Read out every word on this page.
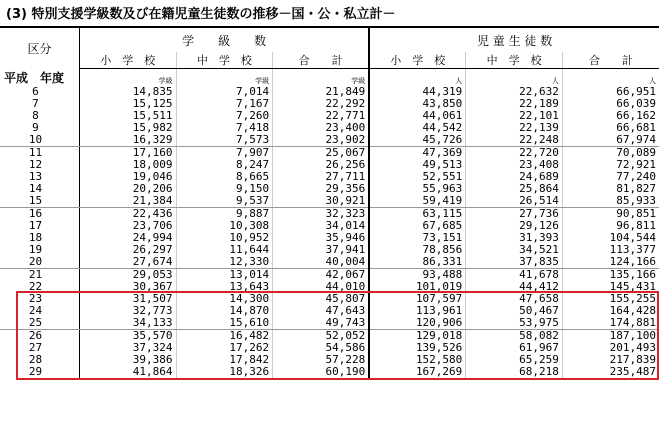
(3) 特別支援学級数及び在籍児童生徒数の推移－国・公・私立計－
区分	学　　級　　数			児 童 生 徒 数		
	小　学　校	中　学　校	合　　計	小　学　校	中　学　校	合　　計
平成　年度	学級	学級	学級	人	人	人
6	14,835	7,014	21,849	44,319	22,632	66,951
7	15,125	7,167	22,292	43,850	22,189	66,039
8	15,511	7,260	22,771	44,061	22,101	66,162
9	15,982	7,418	23,400	44,542	22,139	66,681
10	16,329	7,573	23,902	45,726	22,248	67,974
11	17,160	7,907	25,067	47,369	22,720	70,089
12	18,009	8,247	26,256	49,513	23,408	72,921
13	19,046	8,665	27,711	52,551	24,689	77,240
14	20,206	9,150	29,356	55,963	25,864	81,827
15	21,384	9,537	30,921	59,419	26,514	85,933
16	22,436	9,887	32,323	63,115	27,736	90,851
17	23,706	10,308	34,014	67,685	29,126	96,811
18	24,994	10,952	35,946	73,151	31,393	104,544
19	26,297	11,644	37,941	78,856	34,521	113,377
20	27,674	12,330	40,004	86,331	37,835	124,166
21	29,053	13,014	42,067	93,488	41,678	135,166
22	30,367	13,643	44,010	101,019	44,412	145,431
23	31,507	14,300	45,807	107,597	47,658	155,255
24	32,773	14,870	47,643	113,961	50,467	164,428
25	34,133	15,610	49,743	120,906	53,975	174,881
26	35,570	16,482	52,052	129,018	58,082	187,100
27	37,324	17,262	54,586	139,526	61,967	201,493
28	39,386	17,842	57,228	152,580	65,259	217,839
29	41,864	18,326	60,190	167,269	68,218	235,487
